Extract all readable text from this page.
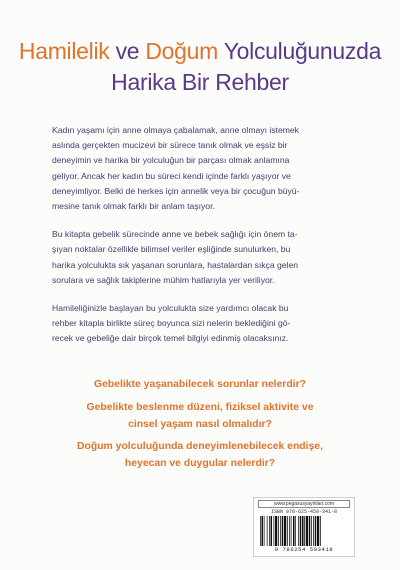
Hamilelik ve Doğum Yolculuğunuzda
Harika Bir Rehber

Kadın yaşamı için anne olmaya çabalamak, anne olmayı istemek
aslında gerçekten mucizevi bir sürece tanık olmak ve eşsiz bir
deneyimin ve harika bir yolculuğun bir parçası olmak anlamına
geliyor. Ancak her kadın bu süreci kendi içinde farklı yaşıyor ve
deneyimliyor. Belki de herkes için annelik veya bir çocuğun büyü-
mesine tanık olmak farklı bir anlam taşıyor.

Bu kitapta gebelik sürecinde anne ve bebek sağlığı için önem ta-
şıyan noktalar özellikle bilimsel veriler eşliğinde sunulurken, bu
harika yolculukta sık yaşanan sorunlara, hastalardan sıkça gelen
sorulara ve sağlık takiplerine mühim hatlarıyla yer veriliyor.

Hamileliğinizle başlayan bu yolculukta size yardımcı olacak bu
rehber kitapla birlikte süreç boyunca sizi nelerin beklediğini gö-
recek ve gebeliğe dair birçok temel bilgiyi edinmiş olacaksınız.

Gebelikte yaşanabilecek sorunlar nelerdir?
Gebelikte beslenme düzeni, fiziksel aktivite ve
cinsel yaşam nasıl olmalıdır?
Doğum yolculuğunda deneyimlenebilecek endişe,
heyecan ve duygular nelerdir?
www.pegasusyayinlari.com
ISBN 978-625-450-341-8
9 786254 503418
